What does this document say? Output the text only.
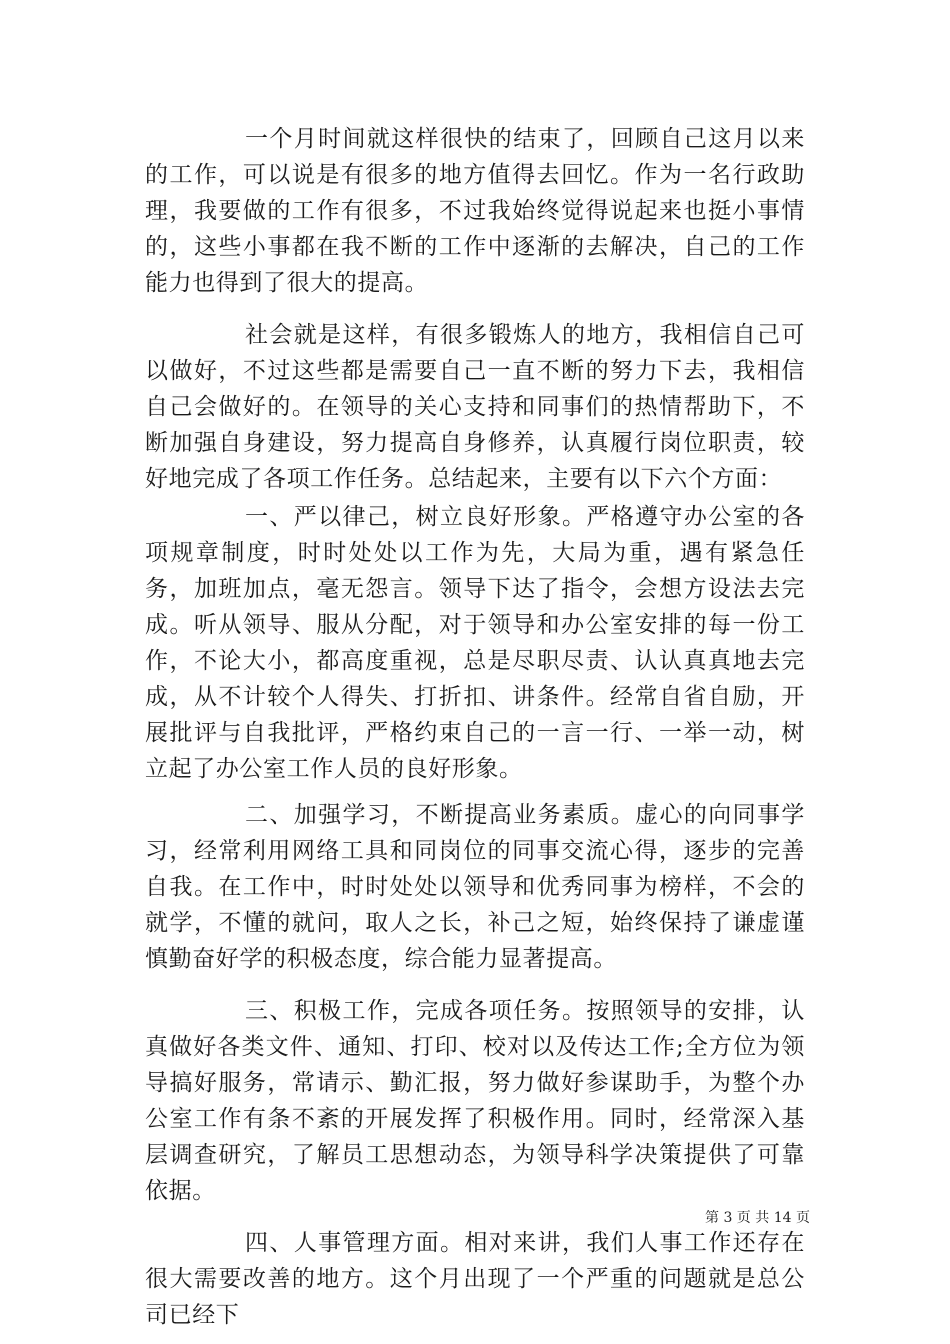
一个月时间就这样很快的结束了，回顾自己这月以来的工作，可以说是有很多的地方值得去回忆。作为一名行政助理，我要做的工作有很多，不过我始终觉得说起来也挺小事情的，这些小事都在我不断的工作中逐渐的去解决，自己的工作能力也得到了很大的提高。

社会就是这样，有很多锻炼人的地方，我相信自己可以做好，不过这些都是需要自己一直不断的努力下去，我相信自己会做好的。在领导的关心支持和同事们的热情帮助下，不断加强自身建设，努力提高自身修养，认真履行岗位职责，较好地完成了各项工作任务。总结起来，主要有以下六个方面：

一、严以律己，树立良好形象。严格遵守办公室的各项规章制度，时时处处以工作为先，大局为重，遇有紧急任务，加班加点，毫无怨言。领导下达了指令，会想方设法去完成。听从领导、服从分配，对于领导和办公室安排的每一份工作，不论大小，都高度重视，总是尽职尽责、认认真真地去完成，从不计较个人得失、打折扣、讲条件。经常自省自励，开展批评与自我批评，严格约束自己的一言一行、一举一动，树立起了办公室工作人员的良好形象。

二、加强学习，不断提高业务素质。虚心的向同事学习，经常利用网络工具和同岗位的同事交流心得，逐步的完善自我。在工作中，时时处处以领导和优秀同事为榜样，不会的就学，不懂的就问，取人之长，补己之短，始终保持了谦虚谨慎勤奋好学的积极态度，综合能力显著提高。

三、积极工作，完成各项任务。按照领导的安排，认真做好各类文件、通知、打印、校对以及传达工作;全方位为领导搞好服务，常请示、勤汇报，努力做好参谋助手，为整个办公室工作有条不紊的开展发挥了积极作用。同时，经常深入基层调查研究，了解员工思想动态，为领导科学决策提供了可靠依据。

四、人事管理方面。相对来讲，我们人事工作还存在很大需要改善的地方。这个月出现了一个严重的问题就是总公司已经下

第 3 页 共 14 页
